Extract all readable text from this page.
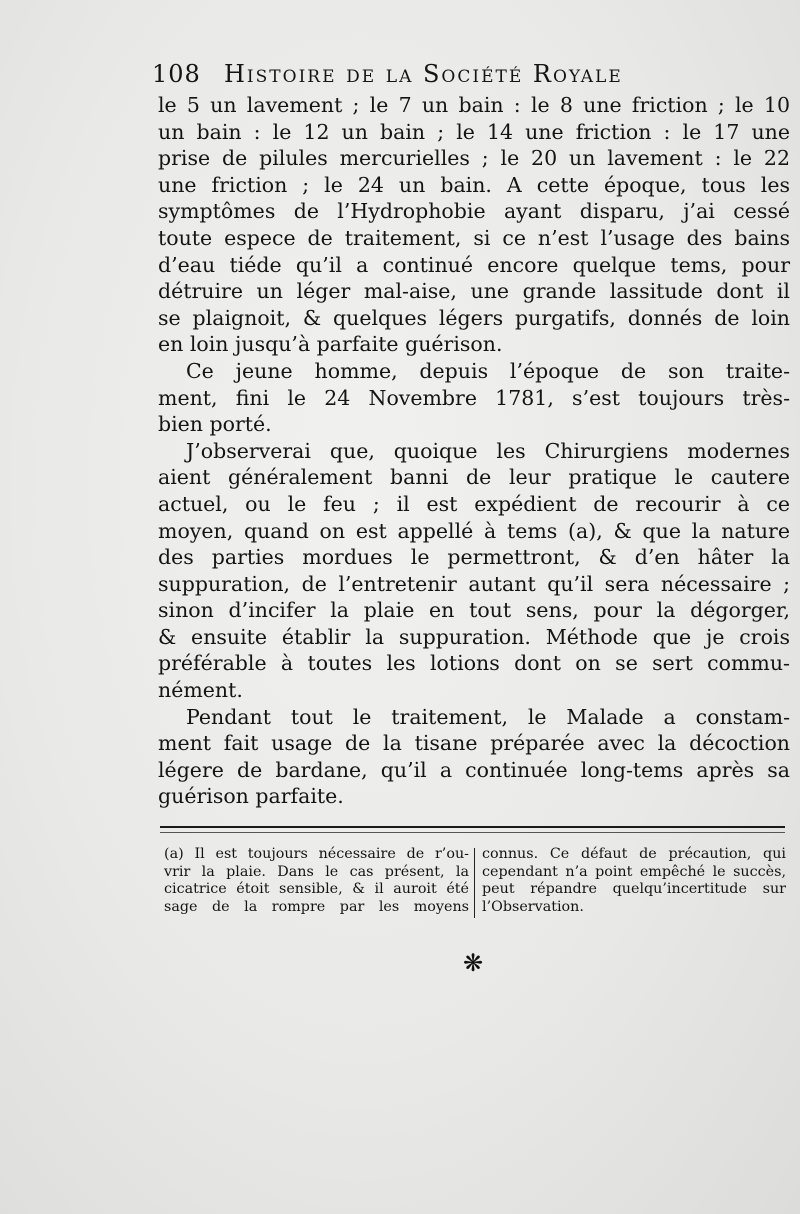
108 Histoire de la Société Royale
le 5 un lavement ; le 7 un bain : le 8 une friction ; le 10
un bain : le 12 un bain ; le 14 une friction : le 17 une
prise de pilules mercurielles ; le 20 un lavement : le 22
une friction ; le 24 un bain. A cette époque, tous les
symptômes de l’Hydrophobie ayant disparu, j’ai cessé
toute espece de traitement, si ce n’est l’usage des bains
d’eau tiéde qu’il a continué encore quelque tems, pour
détruire un léger mal-aise, une grande lassitude dont il
se plaignoit, & quelques légers purgatifs, donnés de loin
en loin jusqu’à parfaite guérison.
Ce jeune homme, depuis l’époque de son traite-
ment, fini le 24 Novembre 1781, s’est toujours très-
bien porté.
J’observerai que, quoique les Chirurgiens modernes
aient généralement banni de leur pratique le cautere
actuel, ou le feu ; il est expédient de recourir à ce
moyen, quand on est appellé à tems (a), & que la nature
des parties mordues le permettront, & d’en hâter la
suppuration, de l’entretenir autant qu’il sera nécessaire ;
sinon d’incifer la plaie en tout sens, pour la dégorger,
& ensuite établir la suppuration. Méthode que je crois
préférable à toutes les lotions dont on se sert commu-
nément.
Pendant tout le traitement, le Malade a constam-
ment fait usage de la tisane préparée avec la décoction
légere de bardane, qu’il a continuée long-tems après sa
guérison parfaite.
(a) Il est toujours nécessaire de r’ou-
vrir la plaie. Dans le cas présent, la
cicatrice étoit sensible, & il auroit été
sage de la rompre par les moyens
connus. Ce défaut de précaution, qui
cependant n’a point empêché le succès,
peut répandre quelqu’incertitude sur
l’Observation.
❋
